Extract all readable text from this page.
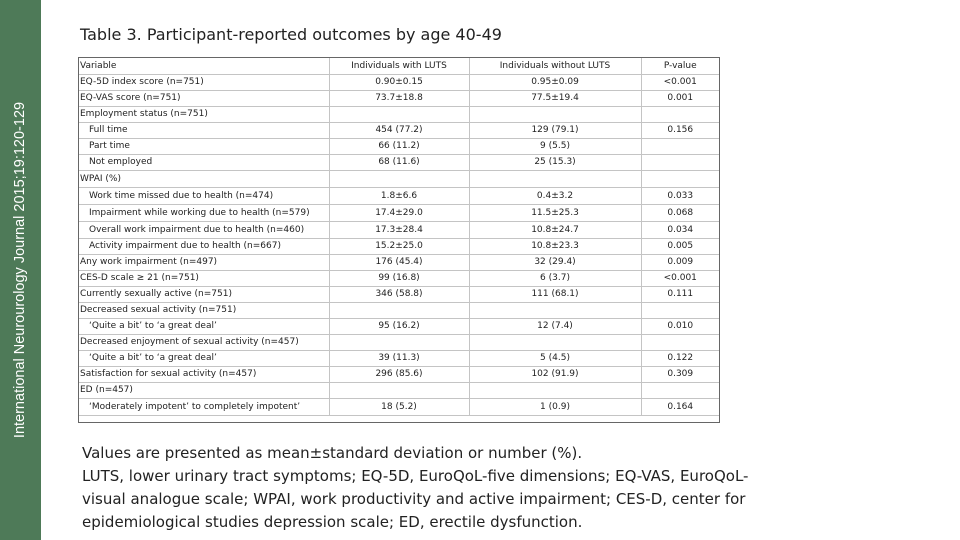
International Neurourology Journal 2015;19:120-129
Table 3. Participant-reported outcomes by age 40-49
Variable	Individuals with LUTS	Individuals without LUTS	P-value
EQ-5D index score (n=751)	0.90±0.15	0.95±0.09	<0.001
EQ-VAS score (n=751)	73.7±18.8	77.5±19.4	0.001
Employment status (n=751)			
Full time	454 (77.2)	129 (79.1)	0.156
Part time	66 (11.2)	9 (5.5)	
Not employed	68 (11.6)	25 (15.3)	
WPAI (%)			
Work time missed due to health (n=474)	1.8±6.6	0.4±3.2	0.033
Impairment while working due to health (n=579)	17.4±29.0	11.5±25.3	0.068
Overall work impairment due to health (n=460)	17.3±28.4	10.8±24.7	0.034
Activity impairment due to health (n=667)	15.2±25.0	10.8±23.3	0.005
Any work impairment (n=497)	176 (45.4)	32 (29.4)	0.009
CES-D scale ≥ 21 (n=751)	99 (16.8)	6 (3.7)	<0.001
Currently sexually active (n=751)	346 (58.8)	111 (68.1)	0.111
Decreased sexual activity (n=751)			
‘Quite a bit’ to ‘a great deal’	95 (16.2)	12 (7.4)	0.010
Decreased enjoyment of sexual activity (n=457)			
‘Quite a bit’ to ‘a great deal’	39 (11.3)	5 (4.5)	0.122
Satisfaction for sexual activity (n=457)	296 (85.6)	102 (91.9)	0.309
ED (n=457)			
‘Moderately impotent’ to completely impotent’	18 (5.2)	1 (0.9)	0.164
Values are presented as mean±standard deviation or number (%).
LUTS, lower urinary tract symptoms; EQ-5D, EuroQoL-five dimensions; EQ-VAS, EuroQoL-
visual analogue scale; WPAI, work productivity and active impairment; CES-D, center for
epidemiological studies depression scale; ED, erectile dysfunction.
